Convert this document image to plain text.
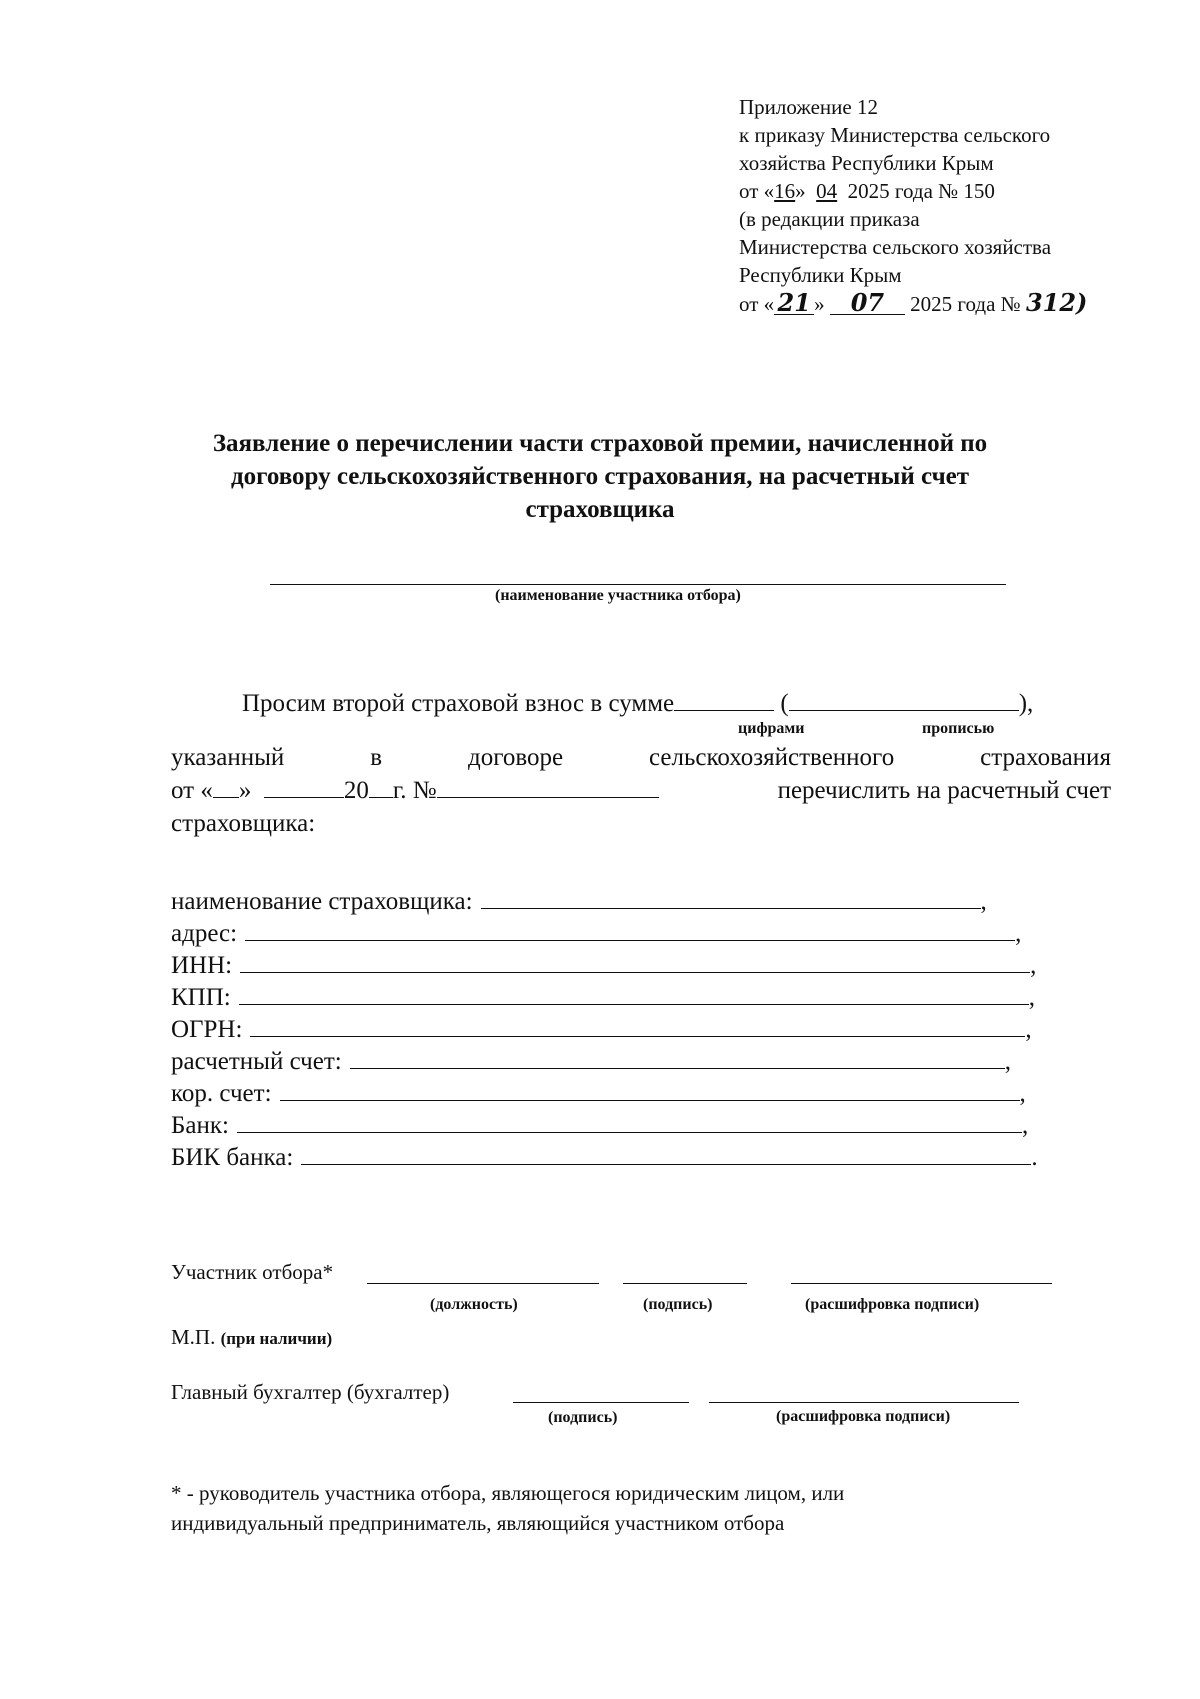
Приложение 12
к приказу Министерства сельского
хозяйства Республики Крым
от «16» 04 2025 года № 150
(в редакции приказа
Министерства сельского хозяйства
Республики Крым
от « 21 » 07 2025 года № 312)
Заявление о перечислении части страховой премии, начисленной по
договору сельскохозяйственного страхования, на расчетный счет
страховщика
(наименование участника отбора)
Просим второй страховой взнос в сумме	(	),
цифрами	прописью
указанный	в	договоре	сельскохозяйственного	страхования
от « »	20 г. №	перечислить на расчетный счет
страховщика:
наименование страховщика:	,
адрес:	,
ИНН:	,
КПП:	,
ОГРН:	,
расчетный счет:	,
кор. счет:	,
Банк:	,
БИК банка:	.
Участник отбора*
(должность)	(подпись)	(расшифровка подписи)
М.П. (при наличии)
Главный бухгалтер (бухгалтер)
(подпись)	(расшифровка подписи)
* - руководитель участника отбора, являющегося юридическим лицом, или
индивидуальный предприниматель, являющийся участником отбора
